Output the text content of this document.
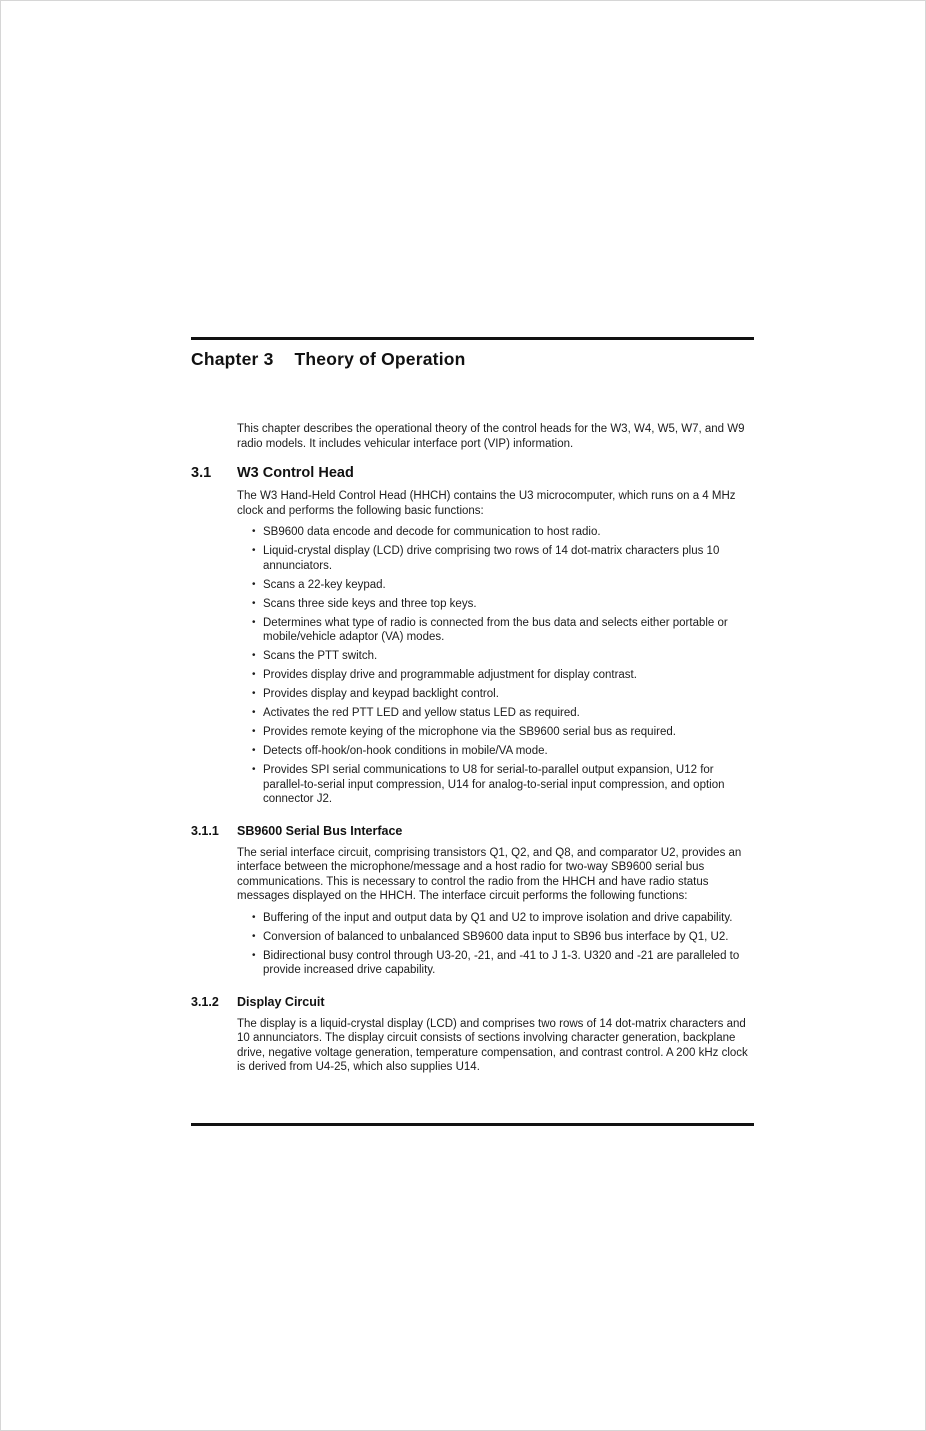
Chapter 3 Theory of Operation

This chapter describes the operational theory of the control heads for the W3, W4, W5, W7, and W9 radio models. It includes vehicular interface port (VIP) information.

3.1	W3 Control Head

The W3 Hand-Held Control Head (HHCH) contains the U3 microcomputer, which runs on a 4 MHz clock and performs the following basic functions:

• SB9600 data encode and decode for communication to host radio.
• Liquid-crystal display (LCD) drive comprising two rows of 14 dot-matrix characters plus 10 annunciators.
• Scans a 22-key keypad.
• Scans three side keys and three top keys.
• Determines what type of radio is connected from the bus data and selects either portable or mobile/vehicle adaptor (VA) modes.
• Scans the PTT switch.
• Provides display drive and programmable adjustment for display contrast.
• Provides display and keypad backlight control.
• Activates the red PTT LED and yellow status LED as required.
• Provides remote keying of the microphone via the SB9600 serial bus as required.
• Detects off-hook/on-hook conditions in mobile/VA mode.
• Provides SPI serial communications to U8 for serial-to-parallel output expansion, U12 for parallel-to-serial input compression, U14 for analog-to-serial input compression, and option connector J2.
3.1.1	SB9600 Serial Bus Interface

The serial interface circuit, comprising transistors Q1, Q2, and Q8, and comparator U2, provides an interface between the microphone/message and a host radio for two-way SB9600 serial bus communications. This is necessary to control the radio from the HHCH and have radio status messages displayed on the HHCH. The interface circuit performs the following functions:

• Buffering of the input and output data by Q1 and U2 to improve isolation and drive capability.
• Conversion of balanced to unbalanced SB9600 data input to SB96 bus interface by Q1, U2.
• Bidirectional busy control through U3-20, -21, and -41 to J 1-3. U320 and -21 are paralleled to provide increased drive capability.
3.1.2	Display Circuit

The display is a liquid-crystal display (LCD) and comprises two rows of 14 dot-matrix characters and 10 annunciators. The display circuit consists of sections involving character generation, backplane drive, negative voltage generation, temperature compensation, and contrast control. A 200 kHz clock is derived from U4-25, which also supplies U14.
